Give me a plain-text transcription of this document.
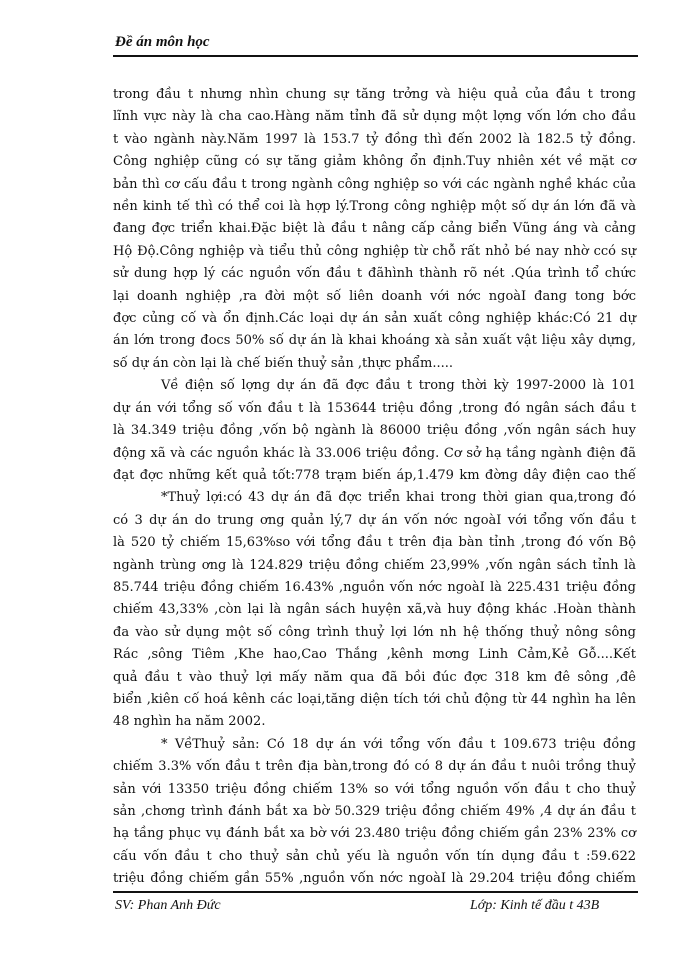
Đề án môn học
trong đầu t nhưng nhìn chung sự tăng trởng và hiệu quả của đầu t trong
lĩnh vực này là cha cao.Hàng năm tỉnh đã sử dụng một lợng vốn lớn cho đầu
t vào ngành này.Năm 1997 là 153.7 tỷ đồng thì đến 2002 là 182.5 tỷ đồng.
Công nghiệp cũng có sự tăng giảm không ổn định.Tuy nhiên xét về mặt cơ
bản thì cơ cấu đầu t trong ngành công nghiệp so với các ngành nghề khác của
nền kinh tế thì có thể coi là hợp lý.Trong công nghiệp một số dự án lớn đã và
đang đợc triển khai.Đặc biệt là đầu t nâng cấp cảng biển Vũng áng và cảng
Hộ Độ.Công nghiệp và tiểu thủ công nghiệp từ chỗ rất nhỏ bé nay nhờ ccó sự
sử dung hợp lý các nguồn vốn đầu t đãhình thành rõ nét .Qúa trình tổ chức
lại doanh nghiệp ,ra đời một số liên doanh với nớc ngoàI đang tong bớc
đợc củng cố và ổn định.Các loại dự án sản xuất công nghiệp khác:Có 21 dự
án lớn trong đocs 50% số dự án là khai khoáng xà sản xuất vật liệu xây dựng,
số dự án còn lại là chế biến thuỷ sản ,thực phẩm.....
Về điện số lợng dự án đã đợc đầu t trong thời kỳ 1997-2000 là 101
dự án với tổng số vốn đầu t là 153644 triệu đồng ,trong đó ngân sách đầu t
là 34.349 triệu đồng ,vốn bộ ngành là 86000 triệu đồng ,vốn ngân sách huy
động xã và các nguồn khác là 33.006 triệu đồng. Cơ sở hạ tầng ngành điện đã
đạt đợc những kết quả tốt:778 trạm biến áp,1.479 km đờng dây điện cao thế
*Thuỷ lợi:có 43 dự án đã đợc triển khai trong thời gian qua,trong đó
có 3 dự án do trung ơng quản lý,7 dự án vốn nớc ngoàI với tổng vốn đầu t
là 520 tỷ chiếm 15,63%so với tổng đầu t trên địa bàn tỉnh ,trong đó vốn Bộ
ngành trùng ơng là 124.829 triệu đồng chiếm 23,99% ,vốn ngân sách tỉnh là
85.744 triệu đồng chiếm 16.43% ,nguồn vốn nớc ngoàI là 225.431 triệu đồng
chiếm 43,33% ,còn lại là ngân sách huyện xã,và huy động khác .Hoàn thành
đa vào sử dụng một số công trình thuỷ lợi lớn nh hệ thống thuỷ nông sông
Rác ,sông Tiêm ,Khe hao,Cao Thắng ,kênh mơng Linh Cảm,Kẻ Gỗ....Kết
quả đầu t vào thuỷ lợi mấy năm qua đã bồi đúc đợc 318 km đê sông ,đê
biển ,kiên cố hoá kênh các loại,tăng diện tích tới chủ động từ 44 nghìn ha lên
48 nghìn ha năm 2002.
* VềThuỷ sản: Có 18 dự án với tổng vốn đầu t 109.673 triệu đồng
chiếm 3.3% vốn đầu t trên địa bàn,trong đó có 8 dự án đầu t nuôi trồng thuỷ
sản với 13350 triệu đồng chiếm 13% so với tổng nguồn vốn đầu t cho thuỷ
sản ,chơng trình đánh bắt xa bờ 50.329 triệu đồng chiếm 49% ,4 dự án đầu t
hạ tầng phục vụ đánh bắt xa bờ với 23.480 triệu đồng chiếm gần 23% 23% cơ
cấu vốn đầu t cho thuỷ sản chủ yếu là nguồn vốn tín dụng đầu t :59.622
triệu đồng chiếm gần 55% ,nguồn vốn nớc ngoàI là 29.204 triệu đồng chiếm
SV: Phan Anh Đức	Lớp: Kinh tế đầu t 43B
